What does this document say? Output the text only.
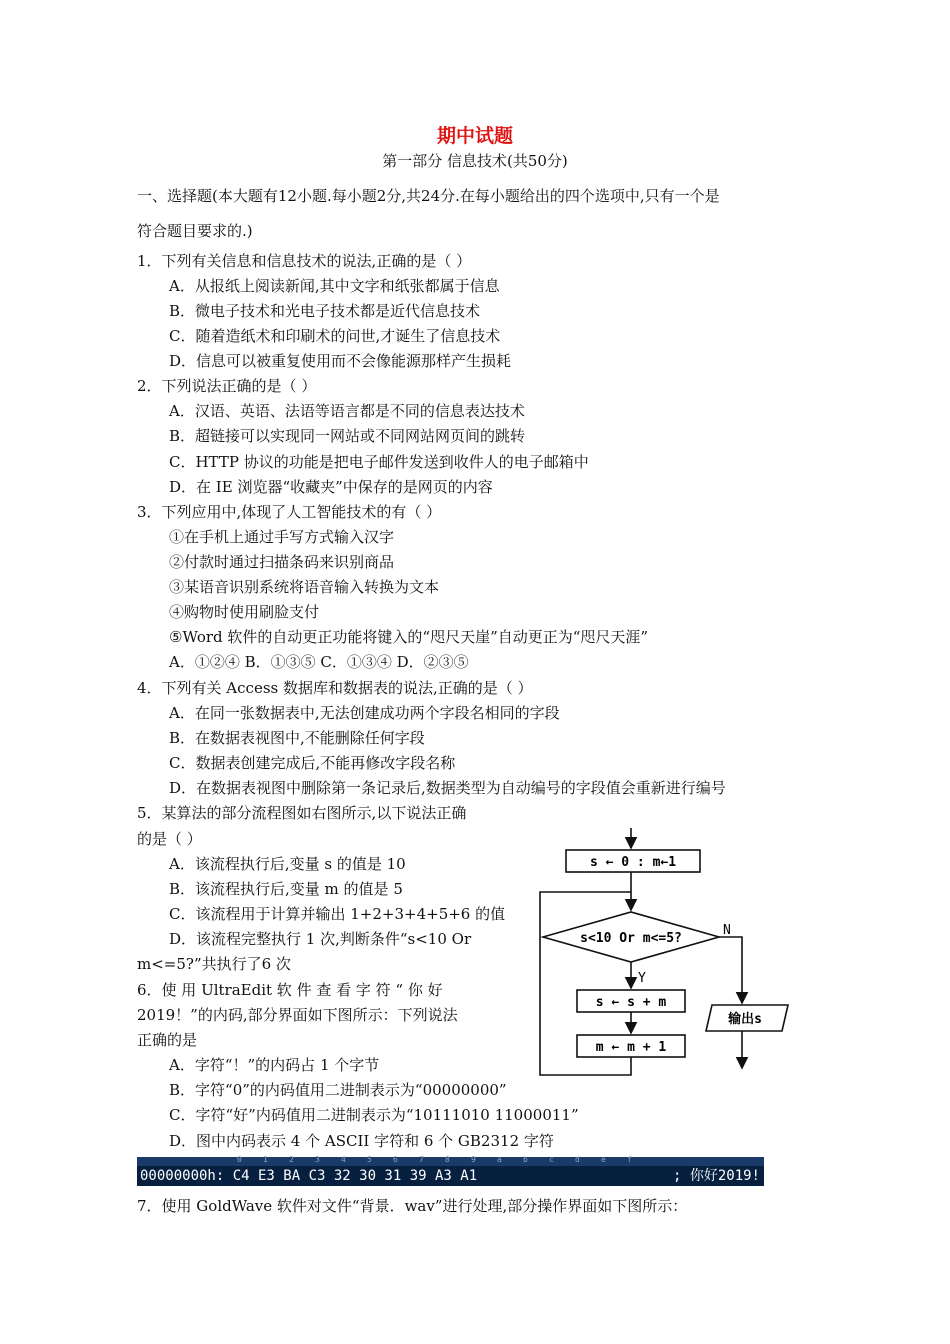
期中试题
第一部分 信息技术(共50分)
一、选择题(本大题有12小题.每小题2分,共24分.在每小题给出的四个选项中,只有一个是
符合题目要求的.)
1．下列有关信息和信息技术的说法,正确的是（ ）
A．从报纸上阅读新闻,其中文字和纸张都属于信息
B．微电子技术和光电子技术都是近代信息技术
C．随着造纸术和印刷术的问世,才诞生了信息技术
D．信息可以被重复使用而不会像能源那样产生损耗
2．下列说法正确的是（ ）
A．汉语、英语、法语等语言都是不同的信息表达技术
B．超链接可以实现同一网站或不同网站网页间的跳转
C．HTTP 协议的功能是把电子邮件发送到收件人的电子邮箱中
D．在 IE 浏览器“收藏夹”中保存的是网页的内容
3．下列应用中,体现了人工智能技术的有（ ）
①在手机上通过手写方式输入汉字
②付款时通过扫描条码来识别商品
③某语音识别系统将语音输入转换为文本
④购物时使用刷脸支付
⑤Word 软件的自动更正功能将键入的“咫尺天崖”自动更正为“咫尺天涯”
A．①②④ B．①③⑤ C．①③④ D．②③⑤
4．下列有关 Access 数据库和数据表的说法,正确的是（ ）
A．在同一张数据表中,无法创建成功两个字段名相同的字段
B．在数据表视图中,不能删除任何字段
C．数据表创建完成后,不能再修改字段名称
D．在数据表视图中删除第一条记录后,数据类型为自动编号的字段值会重新进行编号
5．某算法的部分流程图如右图所示,以下说法正确
的是（ ）
A．该流程执行后,变量 s 的值是 10
B．该流程执行后,变量 m 的值是 5
C．该流程用于计算并输出 1+2+3+4+5+6 的值
D．该流程完整执行 1 次,判断条件“s<10 Or
m<=5?”共执行了6 次
6．使 用 UltraEdit 软 件 查 看 字 符 “ 你 好
2019！”的内码,部分界面如下图所示：下列说法
正确的是
A．字符“！”的内码占 1 个字节
B．字符“0”的内码值用二进制表示为“00000000”
C．字符“好”内码值用二进制表示为“10111010 11000011”
D．图中内码表示 4 个 ASCII 字符和 6 个 GB2312 字符
s ← 0 : m←1
s<10 Or m<=5?
N
Y
s ← s + m
m ← m + 1
输出s
0	1	2	3	4	5	6	7	8	9	a	b	c	d	e	f
00000000h: C4 E3 BA C3 32 30 31 39 A3 A1	; 你好2019!
7．使用 GoldWave 软件对文件“背景．wav”进行处理,部分操作界面如下图所示：
